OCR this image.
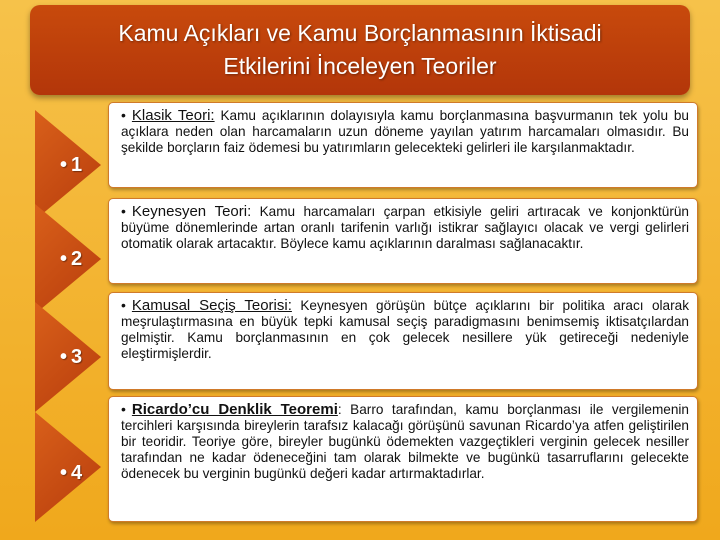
Kamu Açıkları ve Kamu Borçlanmasının İktisadi
Etkilerini İnceleyen Teoriler
• 1
• Klasik Teori: Kamu açıklarının dolayısıyla kamu borçlanmasına başvurmanın tek yolu bu açıklara neden olan harcamaların uzun döneme yayılan yatırım harcamaları olmasıdır. Bu şekilde borçların faiz ödemesi bu yatırımların gelecekteki gelirleri ile karşılanmaktadır.
• 2
• Keynesyen Teori: Kamu harcamaları çarpan etkisiyle geliri artıracak ve konjonktürün büyüme dönemlerinde artan oranlı tarifenin varlığı istikrar sağlayıcı olacak ve vergi gelirleri otomatik olarak artacaktır. Böylece kamu açıklarının daralması sağlanacaktır.
• 3
• Kamusal Seçiş Teorisi: Keynesyen görüşün bütçe açıklarını bir politika aracı olarak meşrulaştırmasına en büyük tepki kamusal seçiş paradigmasını benimsemiş iktisatçılardan gelmiştir. Kamu borçlanmasının en çok gelecek nesillere yük getireceği nedeniyle eleştirmişlerdir.
• 4
• Ricardo’cu Denklik Teoremi: Barro tarafından, kamu borçlanması ile vergilemenin tercihleri karşısında bireylerin tarafsız kalacağı görüşünü savunan Ricardo’ya atfen geliştirilen bir teoridir. Teoriye göre, bireyler bugünkü ödemekten vazgeçtikleri verginin gelecek nesiller tarafından ne kadar ödeneceğini tam olarak bilmekte ve bugünkü tasarruflarını gelecekte ödenecek bu verginin bugünkü değeri kadar artırmaktadırlar.
